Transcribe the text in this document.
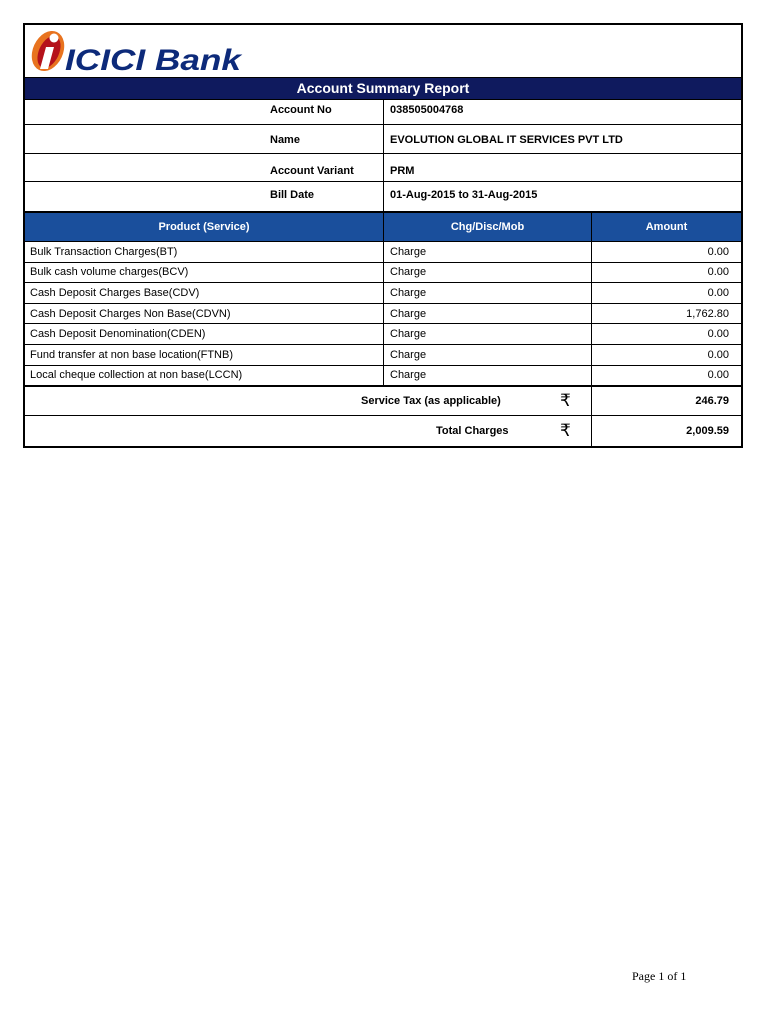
ICICI Bank
Account Summary Report
Account No	038505004768
Name	EVOLUTION GLOBAL IT SERVICES PVT LTD
Account Variant	PRM
Bill Date	01-Aug-2015 to 31-Aug-2015
Product (Service)	Chg/Disc/Mob	Amount
Bulk Transaction Charges(BT)	Charge	0.00
Bulk cash volume charges(BCV)	Charge	0.00
Cash Deposit Charges Base(CDV)	Charge	0.00
Cash Deposit Charges Non Base(CDVN)	Charge	1,762.80
Cash Deposit Denomination(CDEN)	Charge	0.00
Fund transfer at non base location(FTNB)	Charge	0.00
Local cheque collection at non base(LCCN)	Charge	0.00
Service Tax (as applicable)	₹	246.79
Total Charges	₹	2,009.59
Page 1 of 1
